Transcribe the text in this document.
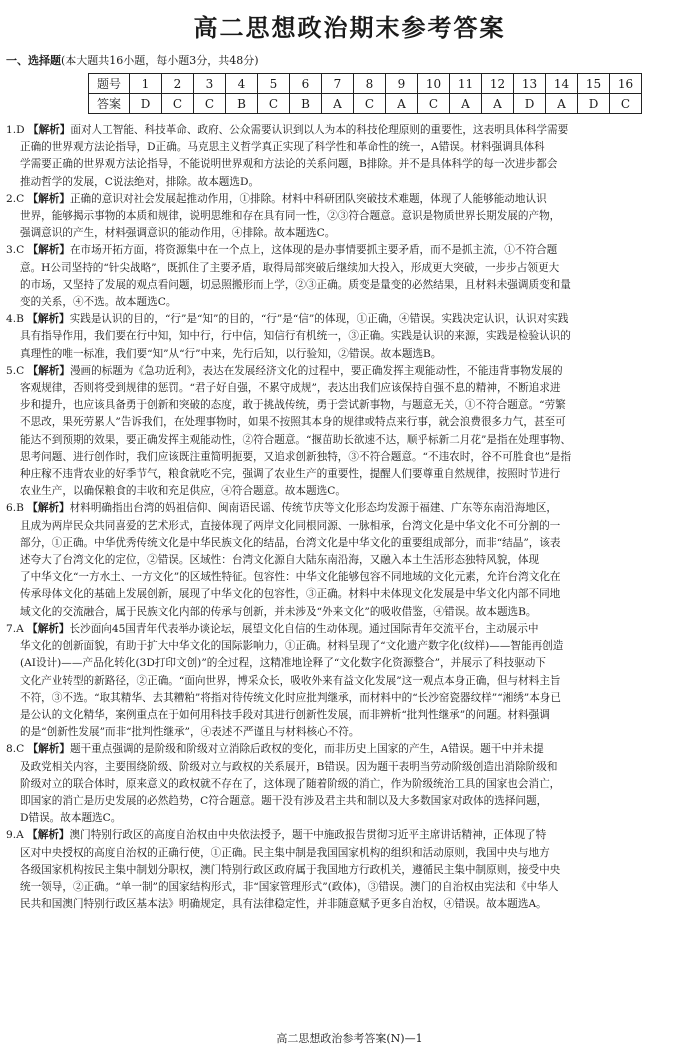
高二思想政治期末参考答案
一、选择题(本大题共16小题，每小题3分，共48分)
题号	1	2	3	4	5	6	7	8	9	10	11	12	13	14	15	16
答案	D	C	C	B	C	B	A	C	A	C	A	A	D	A	D	C
1.D 【解析】面对人工智能、科技革命、政府、公众需要认识到以人为本的科技伦理原则的重要性，这表明具体科学需要
正确的世界观方法论指导，D正确。马克思主义哲学真正实现了科学性和革命性的统一，A错误。材料强调具体科
学需要正确的世界观方法论指导，不能说明世界观和方法论的关系问题，B排除。并不是具体科学的每一次进步都会
推动哲学的发展，C说法绝对，排除。故本题选D。
2.C 【解析】正确的意识对社会发展起推动作用，①排除。材料中科研团队突破技术难题，体现了人能够能动地认识
世界，能够揭示事物的本质和规律，说明思维和存在具有同一性，②③符合题意。意识是物质世界长期发展的产物，
强调意识的产生，材料强调意识的能动作用，④排除。故本题选C。
3.C 【解析】在市场开拓方面，将资源集中在一个点上，这体现的是办事情要抓主要矛盾，而不是抓主流，①不符合题
意。H公司坚持的“针尖战略”，既抓住了主要矛盾，取得局部突破后继续加大投入，形成更大突破，一步步占领更大
的市场，又坚持了发展的观点看问题，切忌照搬形而上学，②③正确。质变是量变的必然结果，且材料未强调质变和量
变的关系，④不选。故本题选C。
4.B 【解析】实践是认识的目的，“行”是“知”的目的，“行”是“信”的体现，①正确，④错误。实践决定认识，认识对实践
具有指导作用，我们要在行中知，知中行，行中信，知信行有机统一，③正确。实践是认识的来源，实践是检验认识的
真理性的唯一标准，我们要“知”从“行”中来，先行后知，以行验知，②错误。故本题选B。
5.C 【解析】漫画的标题为《急功近利》，表达在发展经济文化的过程中，要正确发挥主观能动性，不能违背事物发展的
客观规律，否则将受到规律的惩罚。“君子好自强，不累守成规”，表达出我们应该保持自强不息的精神，不断追求进
步和提升，也应该具备勇于创新和突破的态度，敢于挑战传统，勇于尝试新事物，与题意无关，①不符合题意。“劳繁
不思改，果死劳累人”告诉我们，在处理事物时，如果不按照其本身的规律或特点来行事，就会浪费很多力气，甚至可
能达不到预期的效果，要正确发挥主观能动性，②符合题意。“揠苗助长欲速不达，顺乎标新二月花”是指在处理事物、
思考问题、进行创作时，我们应该既注重简明扼要，又追求创新独特，③不符合题意。“不违农时，谷不可胜食也”是指
种庄稼不违背农业的好季节气，粮食就吃不完，强调了农业生产的重要性，提醒人们要尊重自然规律，按照时节进行
农业生产，以确保粮食的丰收和充足供应，④符合题意。故本题选C。
6.B 【解析】材料明确指出台湾的妈祖信仰、闽南语民谣、传统节庆等文化形态均发源于福建、广东等东南沿海地区，
且成为两岸民众共同喜爱的艺术形式，直接体现了两岸文化同根同源、一脉相承，台湾文化是中华文化不可分割的一
部分，①正确。中华优秀传统文化是中华民族文化的结晶，台湾文化是中华文化的重要组成部分，而非“结晶”，该表
述夸大了台湾文化的定位，②错误。区域性：台湾文化源自大陆东南沿海，又融入本土生活形态独特风貌，体现
了中华文化“一方水土、一方文化”的区域性特征。包容性：中华文化能够包容不同地域的文化元素，允许台湾文化在
传承母体文化的基础上发展创新，展现了中华文化的包容性，③正确。材料中未体现文化发展是中华文化内部不同地
域文化的交流融合，属于民族文化内部的传承与创新，并未涉及“外来文化”的吸收借鉴，④错误。故本题选B。
7.A 【解析】长沙面向45国青年代表举办谈论坛，展望文化自信的生动体现。通过国际青年交流平台，主动展示中
华文化的创新面貌，有助于扩大中华文化的国际影响力，①正确。材料呈现了“文化遗产数字化(纹样)——智能再创造
(AI设计)——产品化转化(3D打印文创)”的全过程，这精准地诠释了“文化数字化资源整合”，并展示了科技驱动下
文化产业转型的新路径，②正确。“面向世界，博采众长，吸收外来有益文化发展”这一观点本身正确，但与材料主旨
不符，③不选。“取其精华、去其糟粕”将指对待传统文化时应批判继承，而材料中的“长沙窑瓷器纹样”“湘绣”本身已
是公认的文化精华，案例重点在于如何用科技手段对其进行创新性发展，而非辨析“批判性继承”的问题。材料强调
的是“创新性发展”而非“批判性继承”，④表述不严谨且与材料核心不符。
8.C 【解析】题干重点强调的是阶级和阶级对立消除后政权的变化，而非历史上国家的产生，A错误。题干中并未提
及政党相关内容，主要围绕阶级、阶级对立与政权的关系展开，B错误。因为题干表明当劳动阶级创造出消除阶级和
阶级对立的联合体时，原来意义的政权就不存在了，这体现了随着阶级的消亡，作为阶级统治工具的国家也会消亡，
即国家的消亡是历史发展的必然趋势，C符合题意。题干没有涉及君主共和制以及大多数国家对政体的选择问题，
D错误。故本题选C。
9.A 【解析】澳门特别行政区的高度自治权由中央依法授予，题干中施政报告贯彻习近平主席讲话精神，正体现了特
区对中央授权的高度自治权的正确行使，①正确。民主集中制是我国国家机构的组织和活动原则，我国中央与地方
各级国家机构按民主集中制划分职权，澳门特别行政区政府属于我国地方行政机关，遵循民主集中制原则，接受中央
统一领导，②正确。“单一制”的国家结构形式，非“国家管理形式”(政体)，③错误。澳门的自治权由宪法和《中华人
民共和国澳门特别行政区基本法》明确规定，具有法律稳定性，并非随意赋予更多自治权，④错误。故本题选A。
高二思想政治参考答案(N)—1
